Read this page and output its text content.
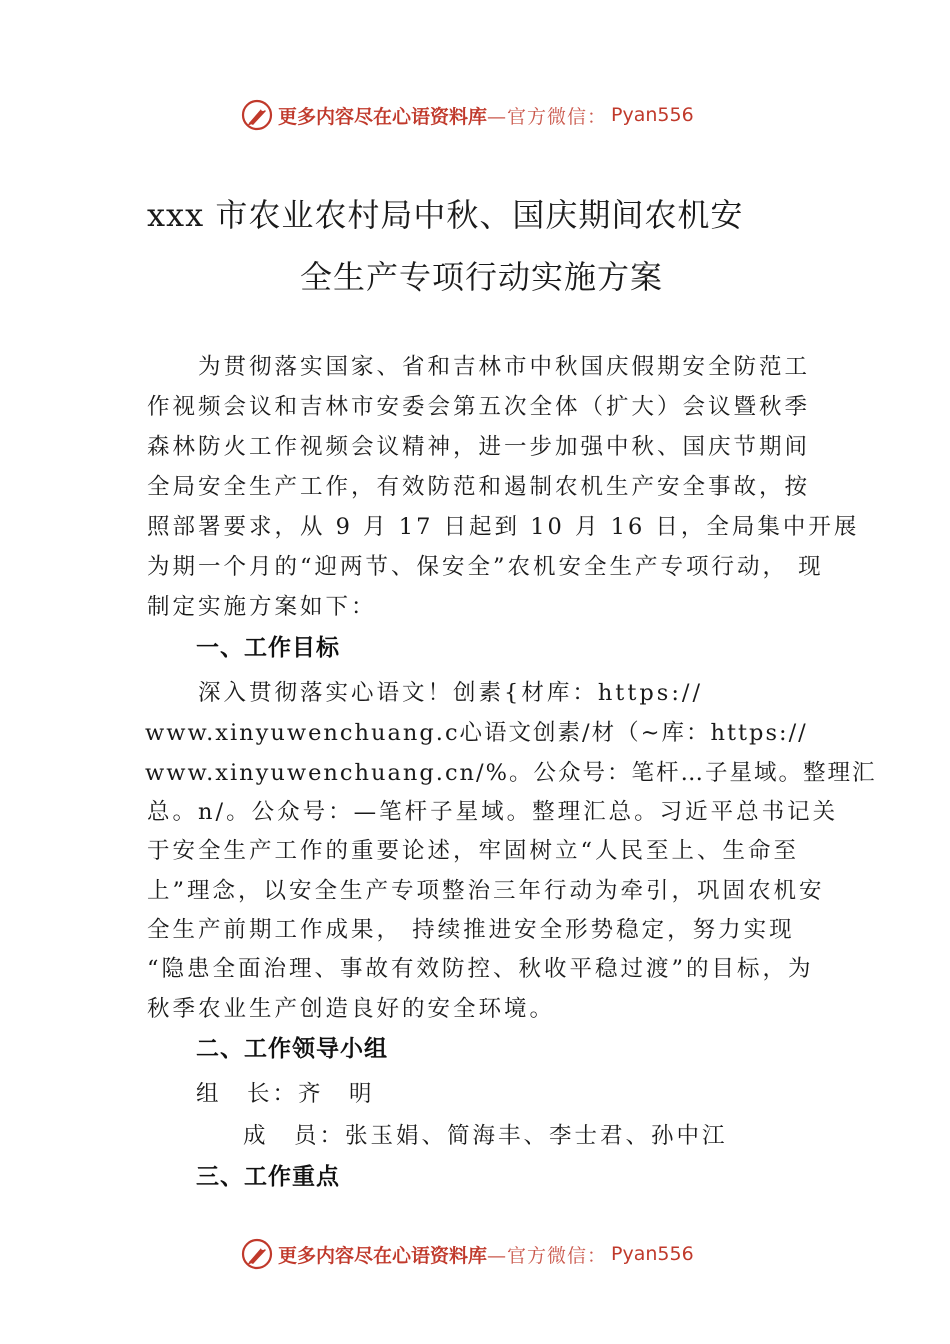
更多内容尽在心语资料库 —官方微信： Pyan556
xxx 市农业农村局中秋、国庆期间农机安
全生产专项行动实施方案
　　为贯彻落实国家、省和吉林市中秋国庆假期安全防范工
作视频会议和吉林市安委会第五次全体（扩大）会议暨秋季
森林防火工作视频会议精神，进一步加强中秋、国庆节期间
全局安全生产工作，有效防范和遏制农机生产安全事故，按
照部署要求，从 9 月 17 日起到 10 月 16 日，全局集中开展
为期一个月的“迎两节、保安全”农机安全生产专项行动， 现
制定实施方案如下：
一、工作目标
　　深入贯彻落实心语文！创素{材库：https://
www.xinyuwenchuang.c心语文创素/材（~库：https://
www.xinyuwenchuang.cn/%。公众号：笔杆…子星域。整理汇
总。n/。公众号：—笔杆子星域。整理汇总。习近平总书记关
于安全生产工作的重要论述，牢固树立“人民至上、生命至
上”理念，以安全生产专项整治三年行动为牵引，巩固农机安
全生产前期工作成果， 持续推进安全形势稳定，努力实现
“隐患全面治理、事故有效防控、秋收平稳过渡”的目标，为
秋季农业生产创造良好的安全环境。
二、工作领导小组
组　长：齐　明
成　员：张玉娟、简海丰、李士君、孙中江
三、工作重点
更多内容尽在心语资料库 —官方微信： Pyan556
